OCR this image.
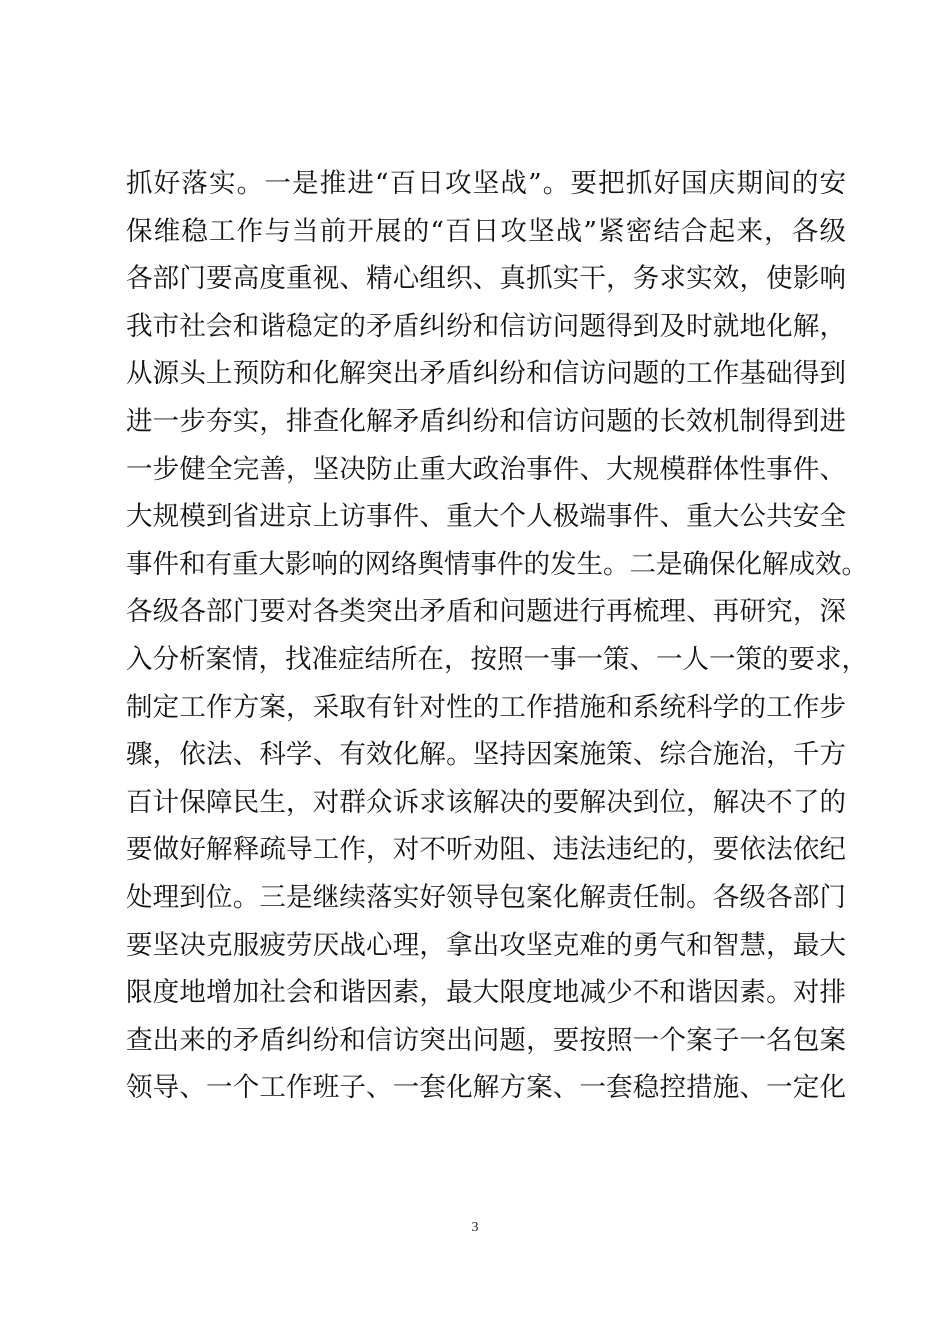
抓好落实。一是推进“百日攻坚战”。要把抓好国庆期间的安
保维稳工作与当前开展的“百日攻坚战”紧密结合起来，各级
各部门要高度重视、精心组织、真抓实干，务求实效，使影响
我市社会和谐稳定的矛盾纠纷和信访问题得到及时就地化解，
从源头上预防和化解突出矛盾纠纷和信访问题的工作基础得到
进一步夯实，排查化解矛盾纠纷和信访问题的长效机制得到进
一步健全完善，坚决防止重大政治事件、大规模群体性事件、
大规模到省进京上访事件、重大个人极端事件、重大公共安全
事件和有重大影响的网络舆情事件的发生。二是确保化解成效。
各级各部门要对各类突出矛盾和问题进行再梳理、再研究，深
入分析案情，找准症结所在，按照一事一策、一人一策的要求，
制定工作方案，采取有针对性的工作措施和系统科学的工作步
骤，依法、科学、有效化解。坚持因案施策、综合施治，千方
百计保障民生，对群众诉求该解决的要解决到位，解决不了的
要做好解释疏导工作，对不听劝阻、违法违纪的，要依法依纪
处理到位。三是继续落实好领导包案化解责任制。各级各部门
要坚决克服疲劳厌战心理，拿出攻坚克难的勇气和智慧，最大
限度地增加社会和谐因素，最大限度地减少不和谐因素。对排
查出来的矛盾纠纷和信访突出问题，要按照一个案子一名包案
领导、一个工作班子、一套化解方案、一套稳控措施、一定化
3
